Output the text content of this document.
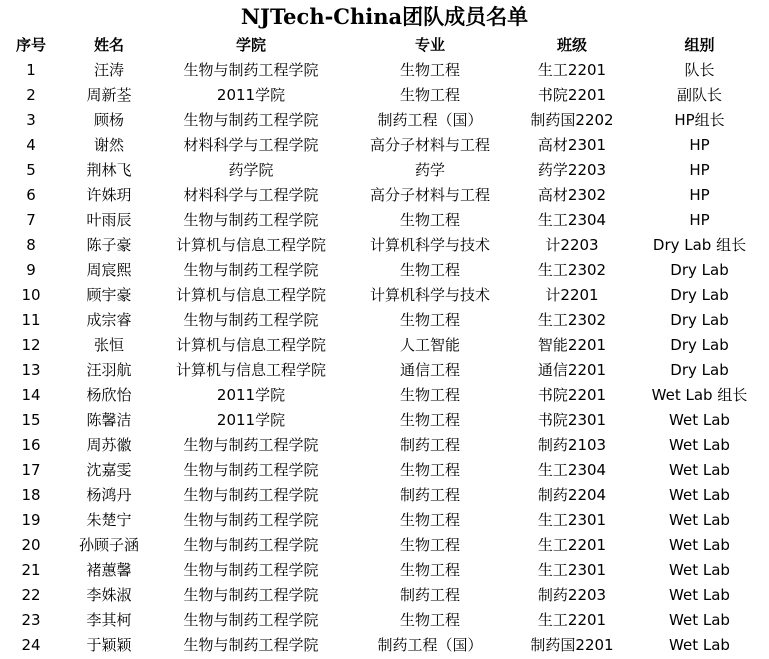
NJTech-China团队成员名单
序号	姓名	学院	专业	班级	组别
1	汪涛	生物与制药工程学院	生物工程	生工2201	队长
2	周新荃	2011学院	生物工程	书院2201	副队长
3	顾杨	生物与制药工程学院	制药工程（国）	制药国2202	HP组长
4	谢然	材料科学与工程学院	高分子材料与工程	高材2301	HP
5	荆林飞	药学院	药学	药学2203	HP
6	许姝玥	材料科学与工程学院	高分子材料与工程	高材2302	HP
7	叶雨辰	生物与制药工程学院	生物工程	生工2304	HP
8	陈子豪	计算机与信息工程学院	计算机科学与技术	计2203	Dry Lab 组长
9	周宸熙	生物与制药工程学院	生物工程	生工2302	Dry Lab
10	顾宇豪	计算机与信息工程学院	计算机科学与技术	计2201	Dry Lab
11	成宗睿	生物与制药工程学院	生物工程	生工2302	Dry Lab
12	张恒	计算机与信息工程学院	人工智能	智能2201	Dry Lab
13	汪羽航	计算机与信息工程学院	通信工程	通信2201	Dry Lab
14	杨欣怡	2011学院	生物工程	书院2201	Wet Lab 组长
15	陈馨洁	2011学院	生物工程	书院2301	Wet Lab
16	周苏徽	生物与制药工程学院	制药工程	制药2103	Wet Lab
17	沈嘉雯	生物与制药工程学院	生物工程	生工2304	Wet Lab
18	杨鸿丹	生物与制药工程学院	制药工程	制药2204	Wet Lab
19	朱楚宁	生物与制药工程学院	生物工程	生工2301	Wet Lab
20	孙顾子涵	生物与制药工程学院	生物工程	生工2201	Wet Lab
21	褚蕙馨	生物与制药工程学院	生物工程	生工2301	Wet Lab
22	李姝淑	生物与制药工程学院	制药工程	制药2203	Wet Lab
23	李其柯	生物与制药工程学院	生物工程	生工2201	Wet Lab
24	于颖颖	生物与制药工程学院	制药工程（国）	制药国2201	Wet Lab
